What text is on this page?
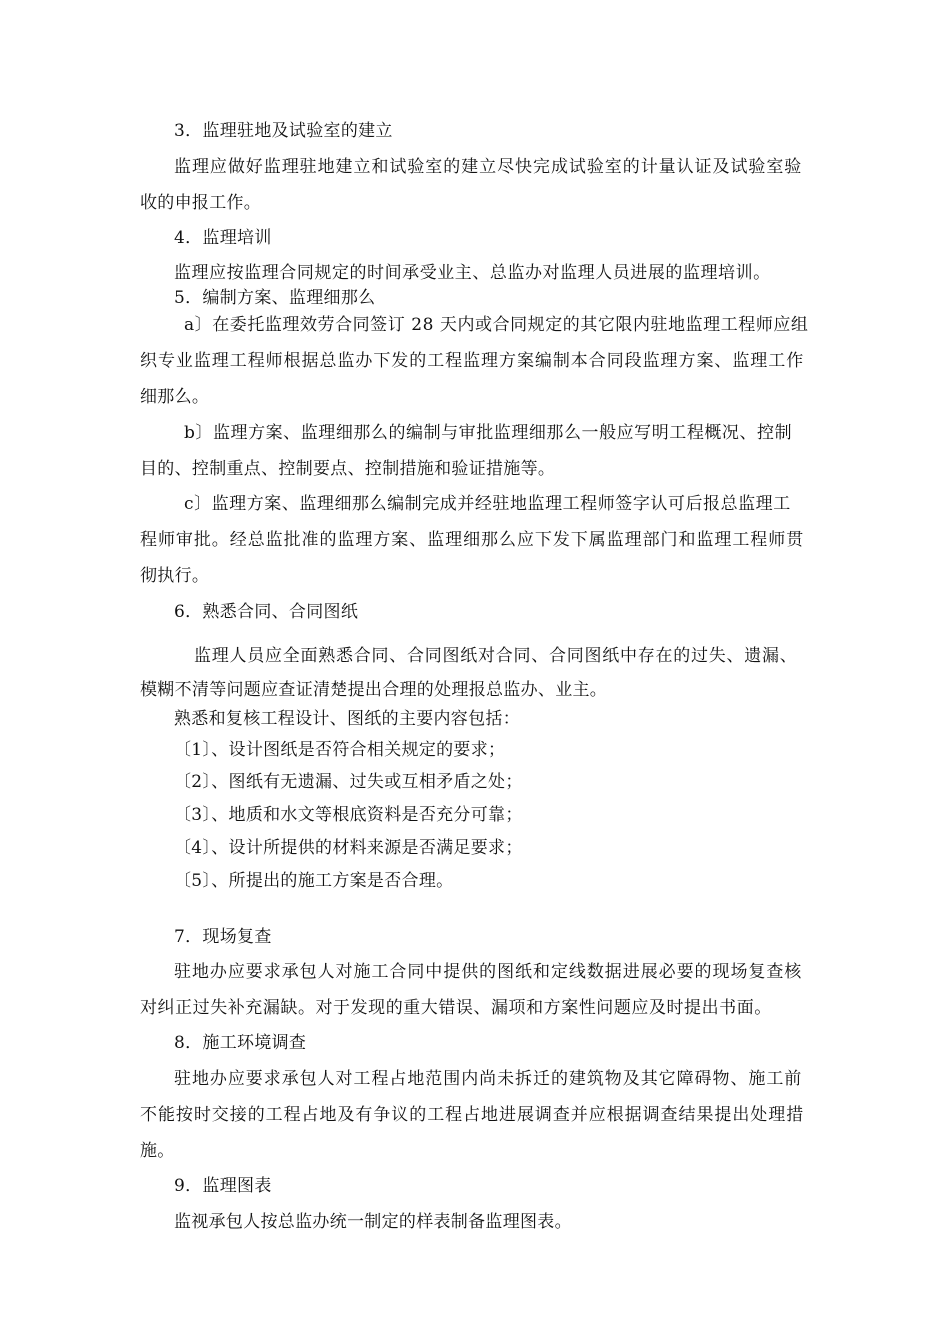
3．监理驻地及试验室的建立
监理应做好监理驻地建立和试验室的建立尽快完成试验室的计量认证及试验室验
收的申报工作。
4．监理培训
监理应按监理合同规定的时间承受业主、总监办对监理人员进展的监理培训。
5．编制方案、监理细那么
a〕在委托监理效劳合同签订 28 天内或合同规定的其它限内驻地监理工程师应组
织专业监理工程师根据总监办下发的工程监理方案编制本合同段监理方案、监理工作
细那么。
b〕监理方案、监理细那么的编制与审批监理细那么一般应写明工程概况、控制
目的、控制重点、控制要点、控制措施和验证措施等。
c〕监理方案、监理细那么编制完成并经驻地监理工程师签字认可后报总监理工
程师审批。经总监批准的监理方案、监理细那么应下发下属监理部门和监理工程师贯
彻执行。
6．熟悉合同、合同图纸
监理人员应全面熟悉合同、合同图纸对合同、合同图纸中存在的过失、遗漏、
模糊不清等问题应查证清楚提出合理的处理报总监办、业主。
熟悉和复核工程设计、图纸的主要内容包括：
〔1〕、设计图纸是否符合相关规定的要求；
〔2〕、图纸有无遗漏、过失或互相矛盾之处；
〔3〕、地质和水文等根底资料是否充分可靠；
〔4〕、设计所提供的材料来源是否满足要求；
〔5〕、所提出的施工方案是否合理。
7．现场复查
驻地办应要求承包人对施工合同中提供的图纸和定线数据进展必要的现场复查核
对纠正过失补充漏缺。对于发现的重大错误、漏项和方案性问题应及时提出书面。
8．施工环境调查
驻地办应要求承包人对工程占地范围内尚未拆迁的建筑物及其它障碍物、施工前
不能按时交接的工程占地及有争议的工程占地进展调查并应根据调查结果提出处理措
施。
9．监理图表
监视承包人按总监办统一制定的样表制备监理图表。
